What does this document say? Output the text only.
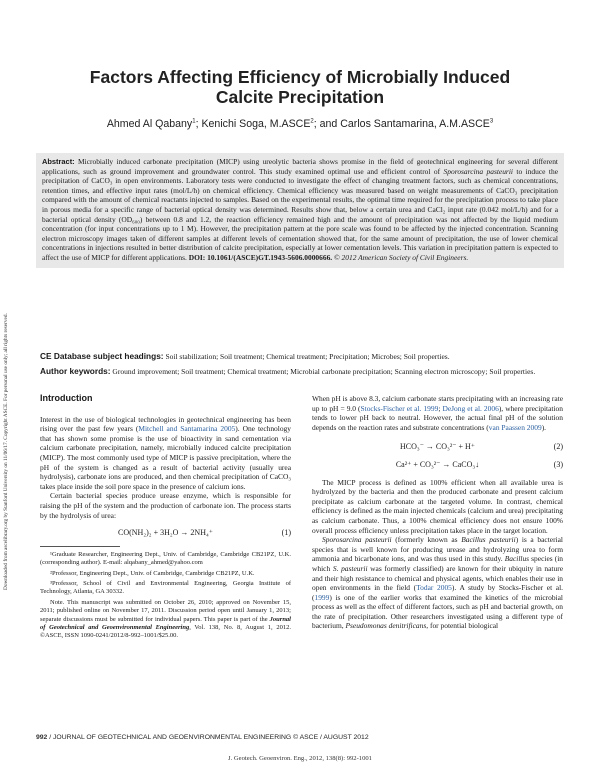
Downloaded from ascelibrary.org by Stanford University on 11/06/17. Copyright ASCE. For personal use only; all rights reserved.
Factors Affecting Efficiency of Microbially Induced
Calcite Precipitation
Ahmed Al Qabany$^1$; Kenichi Soga, M.ASCE$^2$; and Carlos Santamarina, A.M.ASCE$^3$

Abstract: Microbially induced carbonate precipitation (MICP) using ureolytic bacteria shows promise in the field of geotechnical engineering for several different applications, such as ground improvement and groundwater control. This study examined optimal use and efficient control of Sporosarcina pasteurii to induce the precipitation of CaCO₃ in open environments. Laboratory tests were conducted to investigate the effect of changing treatment factors, such as chemical concentrations, retention times, and effective input rates (mol/L/h) on chemical efficiency. Chemical efficiency was measured based on weight measurements of CaCO₃ precipitation compared with the amount of chemical reactants injected to samples. Based on the experimental results, the optimal time required for the precipitation process to take place in porous media for a specific range of bacterial optical density was determined. Results show that, below a certain urea and CaCl₂ input rate (0.042 mol/L/h) and for a bacterial optical density (OD₆₀₀) between 0.8 and 1.2, the reaction efficiency remained high and the amount of precipitation was not affected by the liquid medium concentration (for input concentrations up to 1 M). However, the precipitation pattern at the pore scale was found to be affected by the injected concentration. Scanning electron microscopy images taken of different samples at different levels of cementation showed that, for the same amount of precipitation, the use of lower chemical concentrations in injections resulted in better distribution of calcite precipitation, especially at lower cementation levels. This variation in precipitation pattern is expected to affect the use of MICP for different applications. DOI: 10.1061/(ASCE)GT.1943-5606.0000666. © 2012 American Society of Civil Engineers.

CE Database subject headings: Soil stabilization; Soil treatment; Chemical treatment; Precipitation; Microbes; Soil properties.
Author keywords: Ground improvement; Soil treatment; Chemical treatment; Microbial carbonate precipitation; Scanning electron microscopy; Soil properties.
Introduction

Interest in the use of biological technologies in geotechnical engineering has been rising over the past few years (Mitchell and Santamarina 2005). One technology that has shown some promise is the use of bioactivity in sand cementation via calcium carbonate precipitation, namely, microbially induced calcite precipitation (MICP). The most commonly used type of MICP is passive precipitation, where the pH of the system is changed as a result of bacterial activity (usually urea hydrolysis), carbonate ions are produced, and then chemical precipitation of CaCO₃ takes place inside the soil pore space in the presence of calcium ions.

Certain bacterial species produce urease enzyme, which is responsible for raising the pH of the system and the production of carbonate ion. The process starts by the hydrolysis of urea:

CO(NH₂)₂ + 3H₂O → 2NH₄⁺	(1)

¹Graduate Researcher, Engineering Dept., Univ. of Cambridge, Cambridge CB21PZ, U.K. (corresponding author). E-mail: alqabany_ahmed@yahoo.com

²Professor, Engineering Dept., Univ. of Cambridge, Cambridge CB21PZ, U.K.

³Professor, School of Civil and Environmental Engineering, Georgia Institute of Technology, Atlanta, GA 30332.

Note. This manuscript was submitted on October 26, 2010; approved on November 15, 2011; published online on November 17, 2011. Discussion period open until January 1, 2013; separate discussions must be submitted for individual papers. This paper is part of the Journal of Geotechnical and Geoenvironmental Engineering, Vol. 138, No. 8, August 1, 2012. ©ASCE, ISSN 1090-0241/2012/8-992–1001/$25.00.

When pH is above 8.3, calcium carbonate starts precipitating with an increasing rate up to pH = 9.0 (Stocks-Fischer et al. 1999; DeJong et al. 2006), where precipitation tends to lower pH back to neutral. However, the actual final pH of the solution depends on the reaction rates and substrate concentrations (van Paassen 2009).

HCO₃⁻ → CO₃²⁻ + H⁺	(2)
Ca²⁺ + CO₃²⁻ → CaCO₃↓	(3)

The MICP process is defined as 100% efficient when all available urea is hydrolyzed by the bacteria and then the produced carbonate and present calcium precipitate as calcium carbonate at the targeted volume. In contrast, chemical efficiency is defined as the main injected chemicals (calcium and urea) precipitating as calcium carbonate. Thus, a 100% chemical efficiency does not ensure 100% overall process efficiency unless precipitation takes place in the target location.

Sporosarcina pasteurii (formerly known as Bacillus pasteurii) is a bacterial species that is well known for producing urease and hydrolyzing urea to form ammonia and bicarbonate ions, and was thus used in this study. Bacillus species (in which S. pasteurii was formerly classified) are known for their ubiquity in nature and their high resistance to chemical and physical agents, which enables their use in open environments in the field (Todar 2005). A study by Stocks-Fischer et al. (1999) is one of the earlier works that examined the kinetics of the microbial process as well as the effect of different factors, such as pH and bacterial growth, on the rate of precipitation. Other researchers investigated using a different type of bacterium, Pseudomonas denitrificans, for potential biological

992 / JOURNAL OF GEOTECHNICAL AND GEOENVIRONMENTAL ENGINEERING © ASCE / AUGUST 2012
J. Geotech. Geoenviron. Eng., 2012, 138(8): 992-1001
